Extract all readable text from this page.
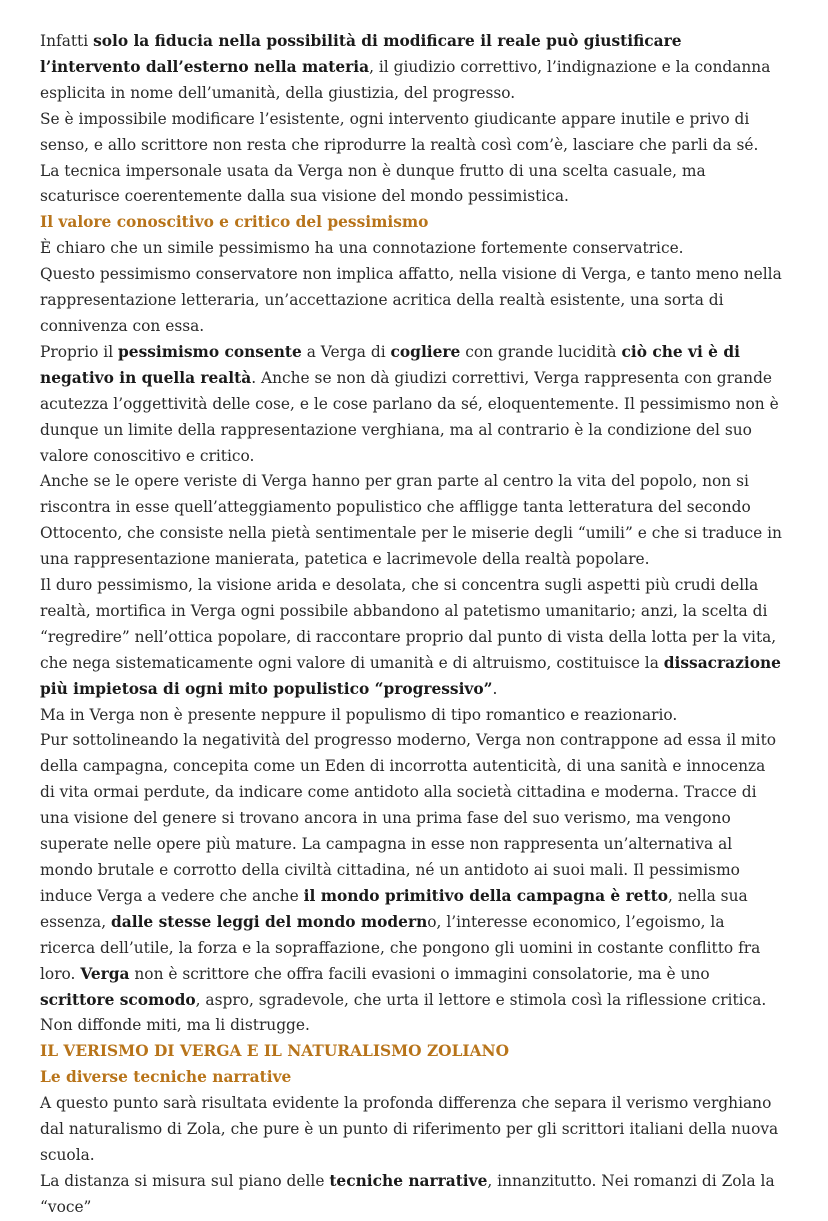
Infatti solo la fiducia nella possibilità di modificare il reale può giustificare l’intervento dall’esterno nella materia, il giudizio correttivo, l’indignazione e la condanna esplicita in nome dell’umanità, della giustizia, del progresso.

Se è impossibile modificare l’esistente, ogni intervento giudicante appare inutile e privo di senso, e allo scrittore non resta che riprodurre la realtà così com’è, lasciare che parli da sé.

La tecnica impersonale usata da Verga non è dunque frutto di una scelta casuale, ma scaturisce coerentemente dalla sua visione del mondo pessimistica.

Il valore conoscitivo e critico del pessimismo

È chiaro che un simile pessimismo ha una connotazione fortemente conservatrice.

Questo pessimismo conservatore non implica affatto, nella visione di Verga, e tanto meno nella rappresentazione letteraria, un’accettazione acritica della realtà esistente, una sorta di connivenza con essa.

Proprio il pessimismo consente a Verga di cogliere con grande lucidità ciò che vi è di negativo in quella realtà. Anche se non dà giudizi correttivi, Verga rappresenta con grande acutezza l’oggettività delle cose, e le cose parlano da sé, eloquentemente. Il pessimismo non è dunque un limite della rappresentazione verghiana, ma al contrario è la condizione del suo valore conoscitivo e critico.

Anche se le opere veriste di Verga hanno per gran parte al centro la vita del popolo, non si riscontra in esse quell’atteggiamento populistico che affligge tanta letteratura del secondo Ottocento, che consiste nella pietà sentimentale per le miserie degli “umili” e che si traduce in una rappresentazione manierata, patetica e lacrimevole della realtà popolare.

Il duro pessimismo, la visione arida e desolata, che si concentra sugli aspetti più crudi della realtà, mortifica in Verga ogni possibile abbandono al patetismo umanitario; anzi, la scelta di “regredire” nell’ottica popolare, di raccontare proprio dal punto di vista della lotta per la vita, che nega sistematicamente ogni valore di umanità e di altruismo, costituisce la dissacrazione più impietosa di ogni mito populistico “progressivo”.

Ma in Verga non è presente neppure il populismo di tipo romantico e reazionario.

Pur sottolineando la negatività del progresso moderno, Verga non contrappone ad essa il mito della campagna, concepita come un Eden di incorrotta autenticità, di una sanità e innocenza di vita ormai perdute, da indicare come antidoto alla società cittadina e moderna. Tracce di una visione del genere si trovano ancora in una prima fase del suo verismo, ma vengono superate nelle opere più mature. La campagna in esse non rappresenta un’alternativa al mondo brutale e corrotto della civiltà cittadina, né un antidoto ai suoi mali. Il pessimismo induce Verga a vedere che anche il mondo primitivo della campagna è retto, nella sua essenza, dalle stesse leggi del mondo moderno, l’interesse economico, l’egoismo, la ricerca dell’utile, la forza e la sopraffazione, che pongono gli uomini in costante conflitto fra loro. Verga non è scrittore che offra facili evasioni o immagini consolatorie, ma è uno scrittore scomodo, aspro, sgradevole, che urta il lettore e stimola così la riflessione critica. Non diffonde miti, ma li distrugge.

IL VERISMO DI VERGA E IL NATURALISMO ZOLIANO

Le diverse tecniche narrative

A questo punto sarà risultata evidente la profonda differenza che separa il verismo verghiano dal naturalismo di Zola, che pure è un punto di riferimento per gli scrittori italiani della nuova scuola.

La distanza si misura sul piano delle tecniche narrative, innanzitutto. Nei romanzi di Zola la “voce”
